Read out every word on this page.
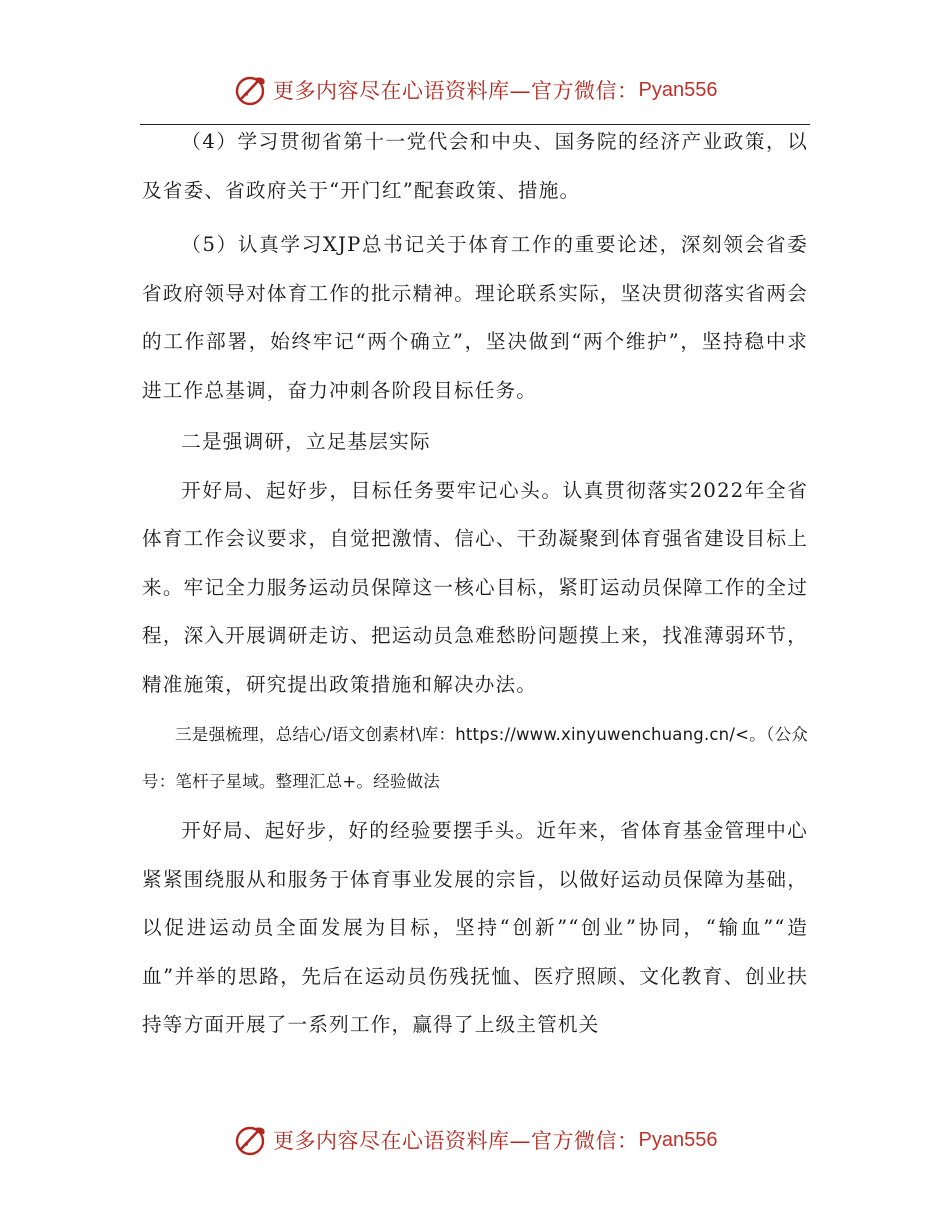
更多内容尽在心语资料库—官方微信： Pyan556

（4）学习贯彻省第十一党代会和中央、国务院的经济产业政策，以及省委、省政府关于“开门红”配套政策、措施。

（5）认真学习XJP总书记关于体育工作的重要论述，深刻领会省委省政府领导对体育工作的批示精神。理论联系实际，坚决贯彻落实省两会的工作部署，始终牢记“两个确立”，坚决做到“两个维护”，坚持稳中求进工作总基调，奋力冲刺各阶段目标任务。

二是强调研，立足基层实际

开好局、起好步，目标任务要牢记心头。认真贯彻落实2022年全省体育工作会议要求，自觉把激情、信心、干劲凝聚到体育强省建设目标上来。牢记全力服务运动员保障这一核心目标，紧盯运动员保障工作的全过程，深入开展调研走访、把运动员急难愁盼问题摸上来，找准薄弱环节，精准施策，研究提出政策措施和解决办法。

三是强梳理，总结心/语文创素材\库：https://www.xinyuwenchuang.cn/<。（公众号：笔杆子星域。整理汇总+。经验做法

开好局、起好步，好的经验要摆手头。近年来，省体育基金管理中心紧紧围绕服从和服务于体育事业发展的宗旨，以做好运动员保障为基础，以促进运动员全面发展为目标，坚持“创新”“创业”协同，“输血”“造血”并举的思路，先后在运动员伤残抚恤、医疗照顾、文化教育、创业扶持等方面开展了一系列工作，赢得了上级主管机关

更多内容尽在心语资料库—官方微信： Pyan556
